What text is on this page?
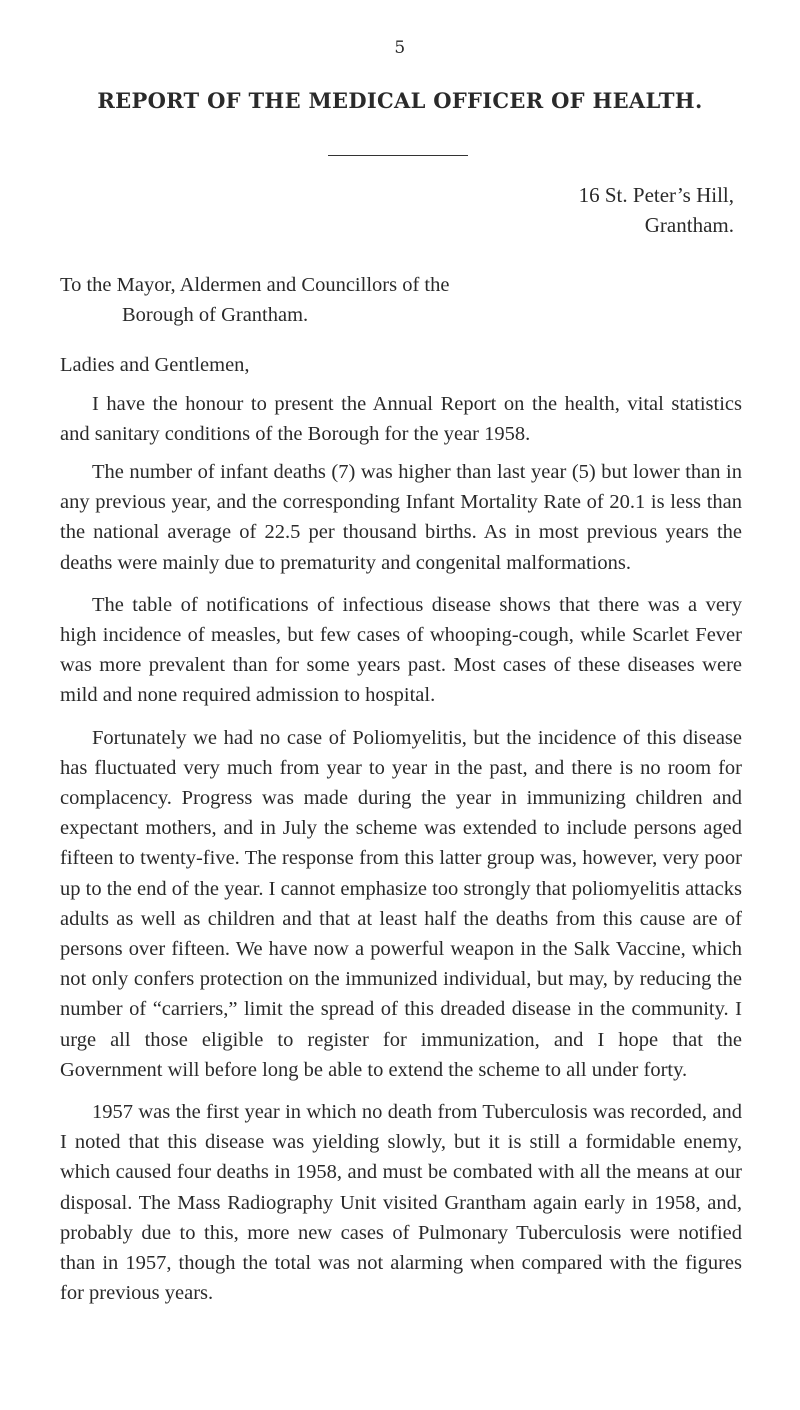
5
REPORT OF THE MEDICAL OFFICER OF HEALTH.
16 St. Peter’s Hill,
Grantham.
To the Mayor, Aldermen and Councillors of the
Borough of Grantham.
Ladies and Gentlemen,

I have the honour to present the Annual Report on the health, vital statistics and sanitary conditions of the Borough for the year 1958.

The number of infant deaths (7) was higher than last year (5) but lower than in any previous year, and the corresponding Infant Mortality Rate of 20.1 is less than the national average of 22.5 per thousand births. As in most previous years the deaths were mainly due to prematurity and congenital malformations.

The table of notifications of infectious disease shows that there was a very high incidence of measles, but few cases of whooping-cough, while Scarlet Fever was more prevalent than for some years past. Most cases of these diseases were mild and none required admission to hospital.

Fortunately we had no case of Poliomyelitis, but the incidence of this disease has fluctuated very much from year to year in the past, and there is no room for complacency. Progress was made during the year in immunizing children and expectant mothers, and in July the scheme was extended to include persons aged fifteen to twenty-five. The response from this latter group was, however, very poor up to the end of the year. I cannot emphasize too strongly that poliomyelitis attacks adults as well as children and that at least half the deaths from this cause are of persons over fifteen. We have now a powerful weapon in the Salk Vaccine, which not only confers protection on the immunized individual, but may, by reducing the number of “carriers,” limit the spread of this dreaded disease in the community. I urge all those eligible to register for immunization, and I hope that the Government will before long be able to extend the scheme to all under forty.

1957 was the first year in which no death from Tuberculosis was recorded, and I noted that this disease was yielding slowly, but it is still a formidable enemy, which caused four deaths in 1958, and must be combated with all the means at our disposal. The Mass Radiography Unit visited Grantham again early in 1958, and, probably due to this, more new cases of Pulmonary Tuberculosis were notified than in 1957, though the total was not alarming when compared with the figures for previous years.
